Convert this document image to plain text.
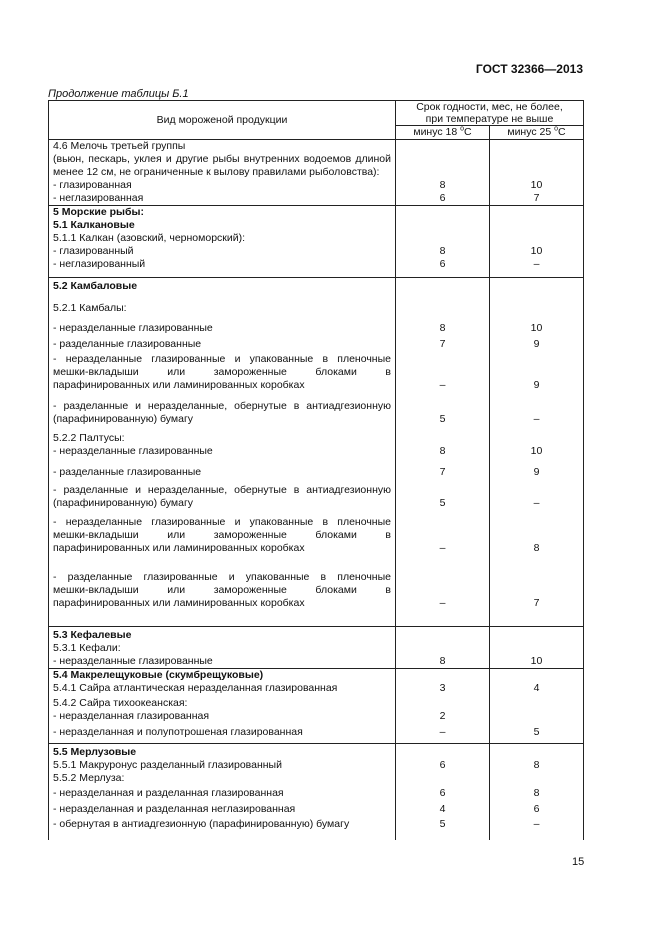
ГОСТ 32366—2013
Продолжение таблицы Б.1
Вид мороженой продукции	Срок годности, мес, не более,
при температуре не выше	

	минус 18 $^о$С	минус 25 $^о$С
4.6 Мелочь третьей группы		
(вьюн, пескарь, уклея и другие рыбы внутренних водоемов длиной менее 12 см, не ограниченные к вылову правилами рыболовства):		
- глазированная	8	10
- неглазированная	6	7
5 Морские рыбы:		
5.1 Калкановые		
5.1.1 Калкан (азовский, черноморский):		
- глазированный	8	10
- неглазированный	6	–
5.2 Камбаловые		
5.2.1 Камбалы:		
- неразделанные глазированные	8	10
- разделанные глазированные	7	9

- неразделанные глазированные и упакованные в пленочные
мешки-вкладыши или замороженные блоками в
парафинированных или ламинированных коробках	–	9

- разделанные и неразделанные, обернутые в антиадгезионную
(парафинированную) бумагу	5	–
5.2.2 Палтусы:		
- неразделанные глазированные	8	10
- разделанные глазированные	7	9

- разделанные и неразделанные, обернутые в антиадгезионную
(парафинированную) бумагу	5	–

- неразделанные глазированные и упакованные в пленочные
мешки-вкладыши или замороженные блоками в
парафинированных или ламинированных коробках	–	8

- разделанные глазированные и упакованные в пленочные
мешки-вкладыши или замороженные блоками в
парафинированных или ламинированных коробках	–	7
5.3 Кефалевые		
5.3.1 Кефали:		
- неразделанные глазированные	8	10
5.4 Макрелещуковые (скумбрещуковые)		
5.4.1 Сайра атлантическая неразделанная глазированная	3	4
5.4.2 Сайра тихоокеанская:		
- неразделанная глазированная	2	
- неразделанная и полупотрошеная глазированная	–	5
5.5 Мерлузовые		
5.5.1 Макруронус разделанный глазированный	6	8
5.5.2 Мерлуза:		
- неразделанная и разделанная глазированная	6	8
- неразделанная и разделанная неглазированная	4	6
- обернутая в антиадгезионную (парафинированную) бумагу	5	–
15
